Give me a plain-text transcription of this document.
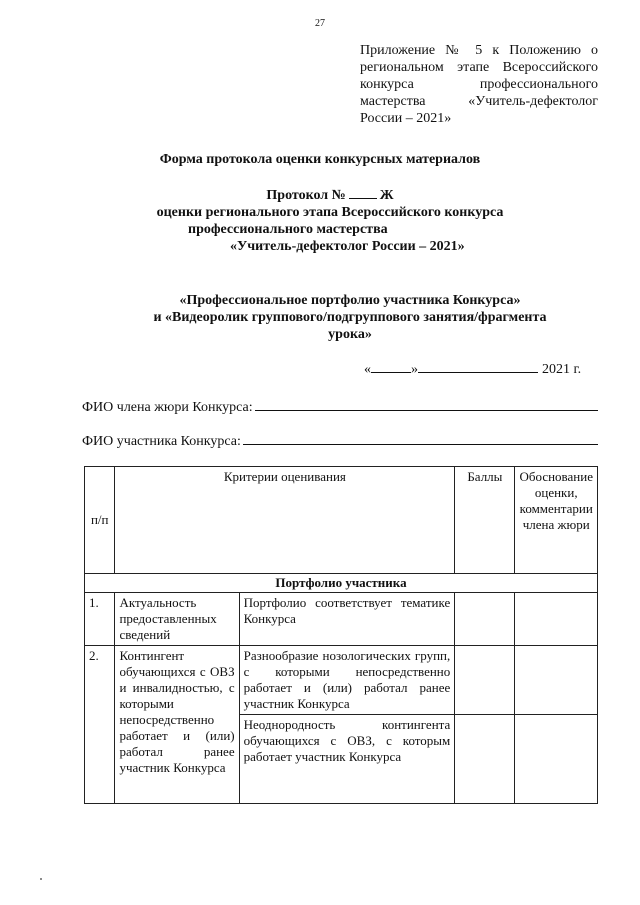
27
Приложение № 5 к Положению о региональном этапе Всероссийского конкурса профессионального мастерства «Учитель-дефектолог России – 2021»
Форма протокола оценки конкурсных материалов
Протокол № Ж
оценки регионального этапа Всероссийского конкурса
профессионального мастерства
«Учитель-дефектолог России – 2021»
«Профессиональное портфолио участника Конкурса»
и «Видеоролик группового/подгруппового занятия/фрагмента
урока»
«	»	2021 г.
ФИО члена жюри Конкурса:
ФИО участника Конкурса:
п/п	Критерии оценивания		Баллы	Обоснование оценки, комментарии члена жюри
Портфолио участника				
1.	Актуальность предоставленных сведений	Портфолио соответствует тематике Конкурса		
2.	Контингент обучающихся с ОВЗ и инвалидностью, с которыми непосредственно работает и (или) работал ранее участник Конкурса	Разнообразие нозологических групп, с которыми непосредственно работает и (или) работал ранее участник Конкурса		
		Неоднородность контингента обучающихся с ОВЗ, с которым работает участник Конкурса		
